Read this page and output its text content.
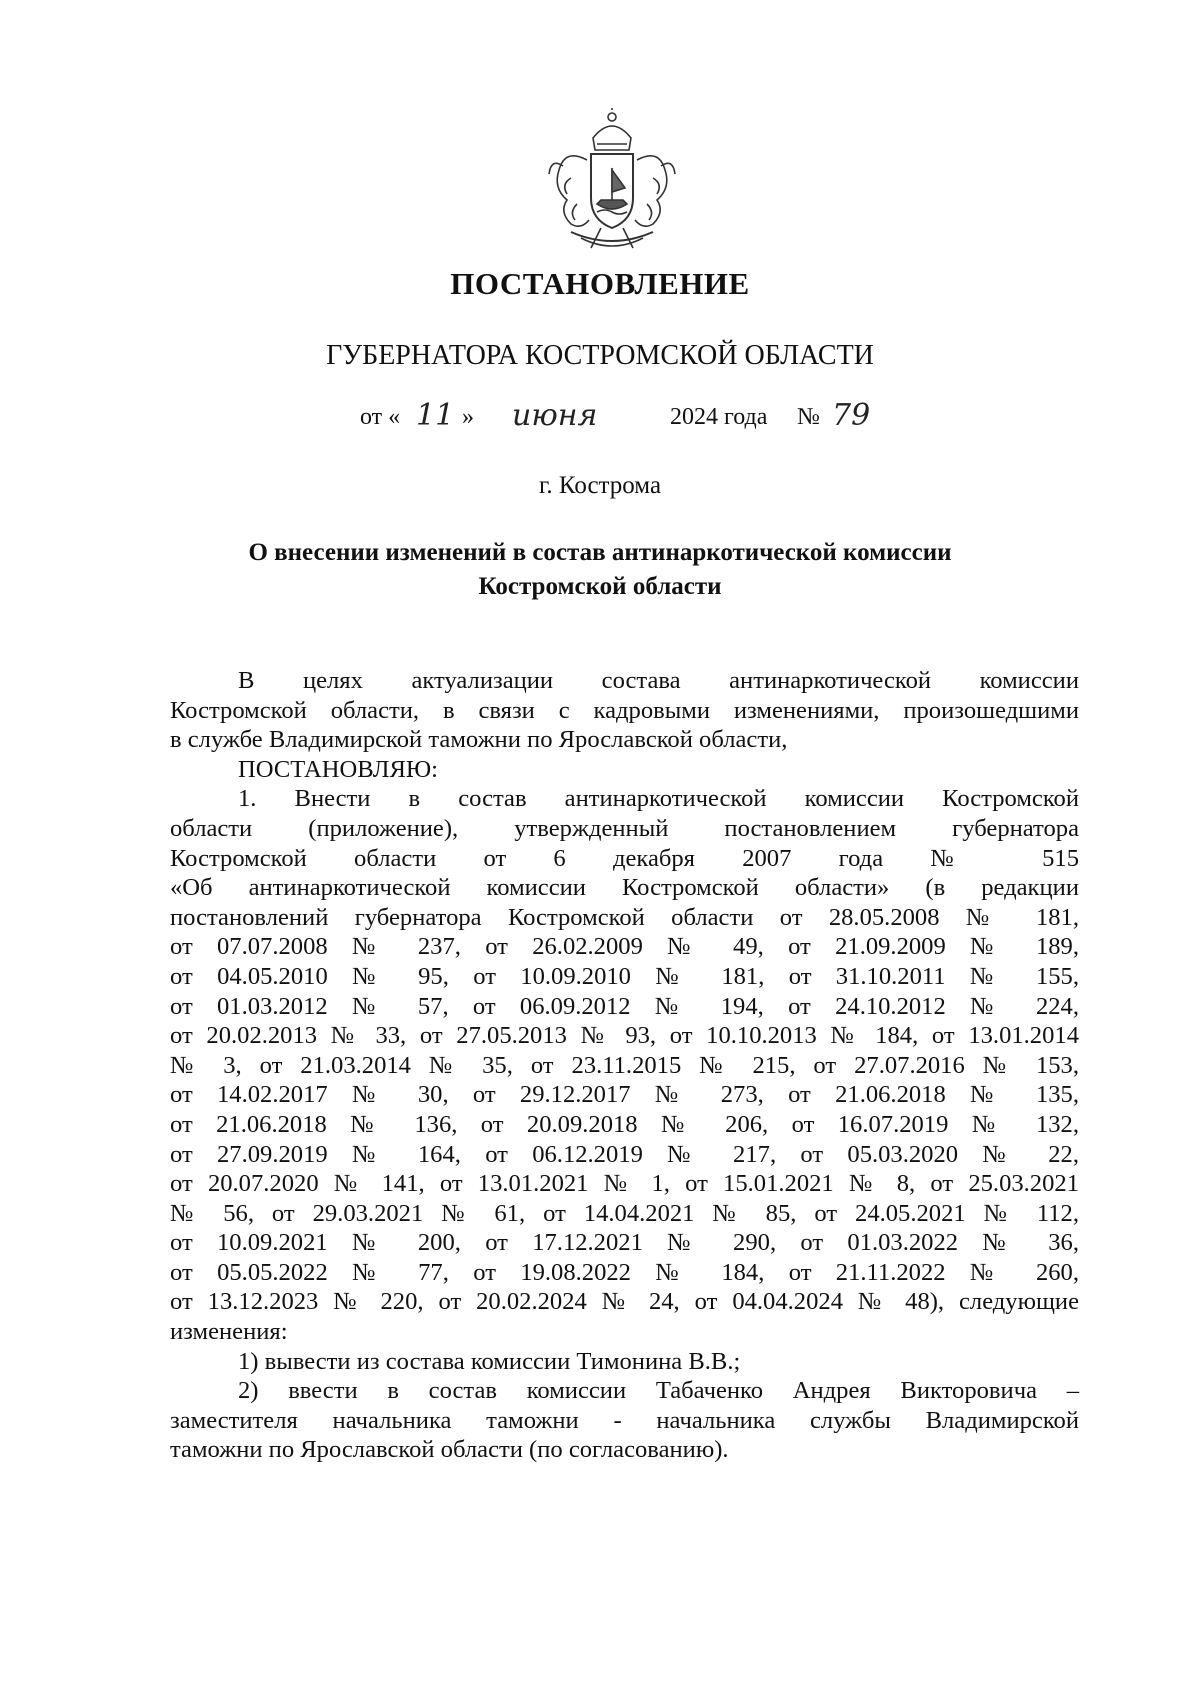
ПОСТАНОВЛЕНИЕ
ГУБЕРНАТОРА КОСТРОМСКОЙ ОБЛАСТИ
от « 11 » июня	2024 года № 79
г. Кострома
О внесении изменений в состав антинаркотической комиссии
Костромской области
В целях актуализации состава антинаркотической комиссии
Костромской области, в связи с кадровыми изменениями, произошедшими
в службе Владимирской таможни по Ярославской области,
ПОСТАНОВЛЯЮ:
1. Внести в состав антинаркотической комиссии Костромской
области (приложение), утвержденный постановлением губернатора
Костромской области от 6 декабря 2007 года № 515
«Об антинаркотической комиссии Костромской области» (в редакции
постановлений губернатора Костромской области от 28.05.2008 № 181,
от 07.07.2008 № 237, от 26.02.2009 № 49, от 21.09.2009 № 189,
от 04.05.2010 № 95, от 10.09.2010 № 181, от 31.10.2011 № 155,
от 01.03.2012 № 57, от 06.09.2012 № 194, от 24.10.2012 № 224,
от 20.02.2013 № 33, от 27.05.2013 № 93, от 10.10.2013 № 184, от 13.01.2014
№ 3, от 21.03.2014 № 35, от 23.11.2015 № 215, от 27.07.2016 № 153,
от 14.02.2017 № 30, от 29.12.2017 № 273, от 21.06.2018 № 135,
от 21.06.2018 № 136, от 20.09.2018 № 206, от 16.07.2019 № 132,
от 27.09.2019 № 164, от 06.12.2019 № 217, от 05.03.2020 № 22,
от 20.07.2020 № 141, от 13.01.2021 № 1, от 15.01.2021 № 8, от 25.03.2021
№ 56, от 29.03.2021 № 61, от 14.04.2021 № 85, от 24.05.2021 № 112,
от 10.09.2021 № 200, от 17.12.2021 № 290, от 01.03.2022 № 36,
от 05.05.2022 № 77, от 19.08.2022 № 184, от 21.11.2022 № 260,
от 13.12.2023 № 220, от 20.02.2024 № 24, от 04.04.2024 № 48), следующие
изменения:
1) вывести из состава комиссии Тимонина В.В.;
2) ввести в состав комиссии Табаченко Андрея Викторовича –
заместителя начальника таможни - начальника службы Владимирской
таможни по Ярославской области (по согласованию).
